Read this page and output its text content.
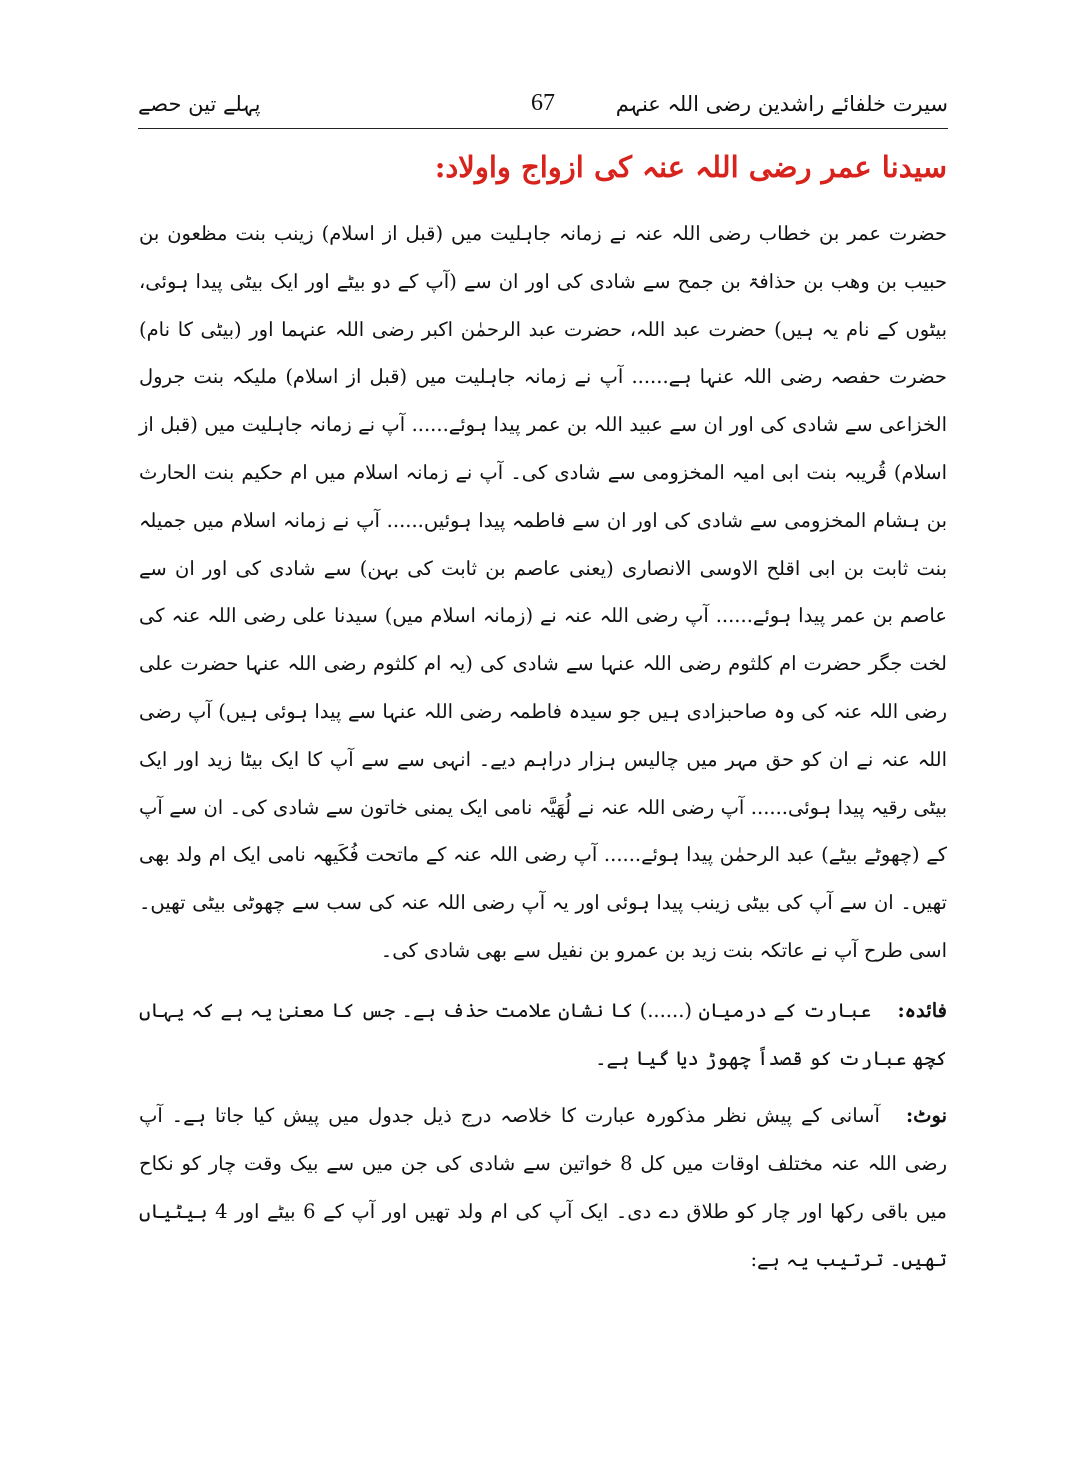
سیرت خلفائے راشدین رضی اللہ عنہم
67
پہلے تین حصے
سیدنا عمر رضی اللہ عنہ کی ازواج واولاد:

حضرت عمر بن خطاب رضی اللہ عنہ نے زمانہ جاہلیت میں (قبل از اسلام) زینب بنت مظعون بن حبیب بن وھب بن حذافۃ بن جمح سے شادی کی اور ان سے (آپ کے دو بیٹے اور ایک بیٹی پیدا ہوئی، بیٹوں کے نام یہ ہیں) حضرت عبد اللہ، حضرت عبد الرحمٰن اکبر رضی اللہ عنہما اور (بیٹی کا نام) حضرت حفصہ رضی اللہ عنہا ہے...... آپ نے زمانہ جاہلیت میں (قبل از اسلام) ملیکہ بنت جرول الخزاعی سے شادی کی اور ان سے عبید اللہ بن عمر پیدا ہوئے...... آپ نے زمانہ جاہلیت میں (قبل از اسلام) قُریبہ بنت ابی امیہ المخزومی سے شادی کی۔ آپ نے زمانہ اسلام میں ام حکیم بنت الحارث بن ہشام المخزومی سے شادی کی اور ان سے فاطمہ پیدا ہوئیں...... آپ نے زمانہ اسلام میں جمیلہ بنت ثابت بن ابی اقلح الاوسی الانصاری (یعنی عاصم بن ثابت کی بہن) سے شادی کی اور ان سے عاصم بن عمر پیدا ہوئے...... آپ رضی اللہ عنہ نے (زمانہ اسلام میں) سیدنا علی رضی اللہ عنہ کی لخت جگر حضرت ام کلثوم رضی اللہ عنہا سے شادی کی (یہ ام کلثوم رضی اللہ عنہا حضرت علی رضی اللہ عنہ کی وہ صاحبزادی ہیں جو سیدہ فاطمہ رضی اللہ عنہا سے پیدا ہوئی ہیں) آپ رضی اللہ عنہ نے ان کو حق مہر میں چالیس ہزار دراہم دیے۔ انہی سے سے آپ کا ایک بیٹا زید اور ایک بیٹی رقیہ پیدا ہوئی...... آپ رضی اللہ عنہ نے لُھَیَّہ نامی ایک یمنی خاتون سے شادی کی۔ ان سے آپ کے (چھوٹے بیٹے) عبد الرحمٰن پیدا ہوئے...... آپ رضی اللہ عنہ کے ماتحت فُکَیھہ نامی ایک ام ولد بھی تھیں۔ ان سے آپ کی بیٹی زینب پیدا ہوئی اور یہ آپ رضی اللہ عنہ کی سب سے چھوٹی بیٹی تھیں۔ اسی طرح آپ نے عاتکہ بنت زید بن عمرو بن نفیل سے بھی شادی کی۔

فائدہ:عبارت کے درمیان (......) کا نشان علامت حذف ہے۔ جس کا معنیٰ یہ ہے کہ یہاں کچھ عبارت کو قصداً چھوڑ دیا گیا ہے۔

نوٹ:آسانی کے پیش نظر مذکورہ عبارت کا خلاصہ درج ذیل جدول میں پیش کیا جاتا ہے۔ آپ رضی اللہ عنہ مختلف اوقات میں کل 8 خواتین سے شادی کی جن میں سے بیک وقت چار کو نکاح میں باقی رکھا اور چار کو طلاق دے دی۔ ایک آپ کی ام ولد تھیں اور آپ کے 6 بیٹے اور 4 بیٹیاں تھیں۔ ترتیب یہ ہے:
